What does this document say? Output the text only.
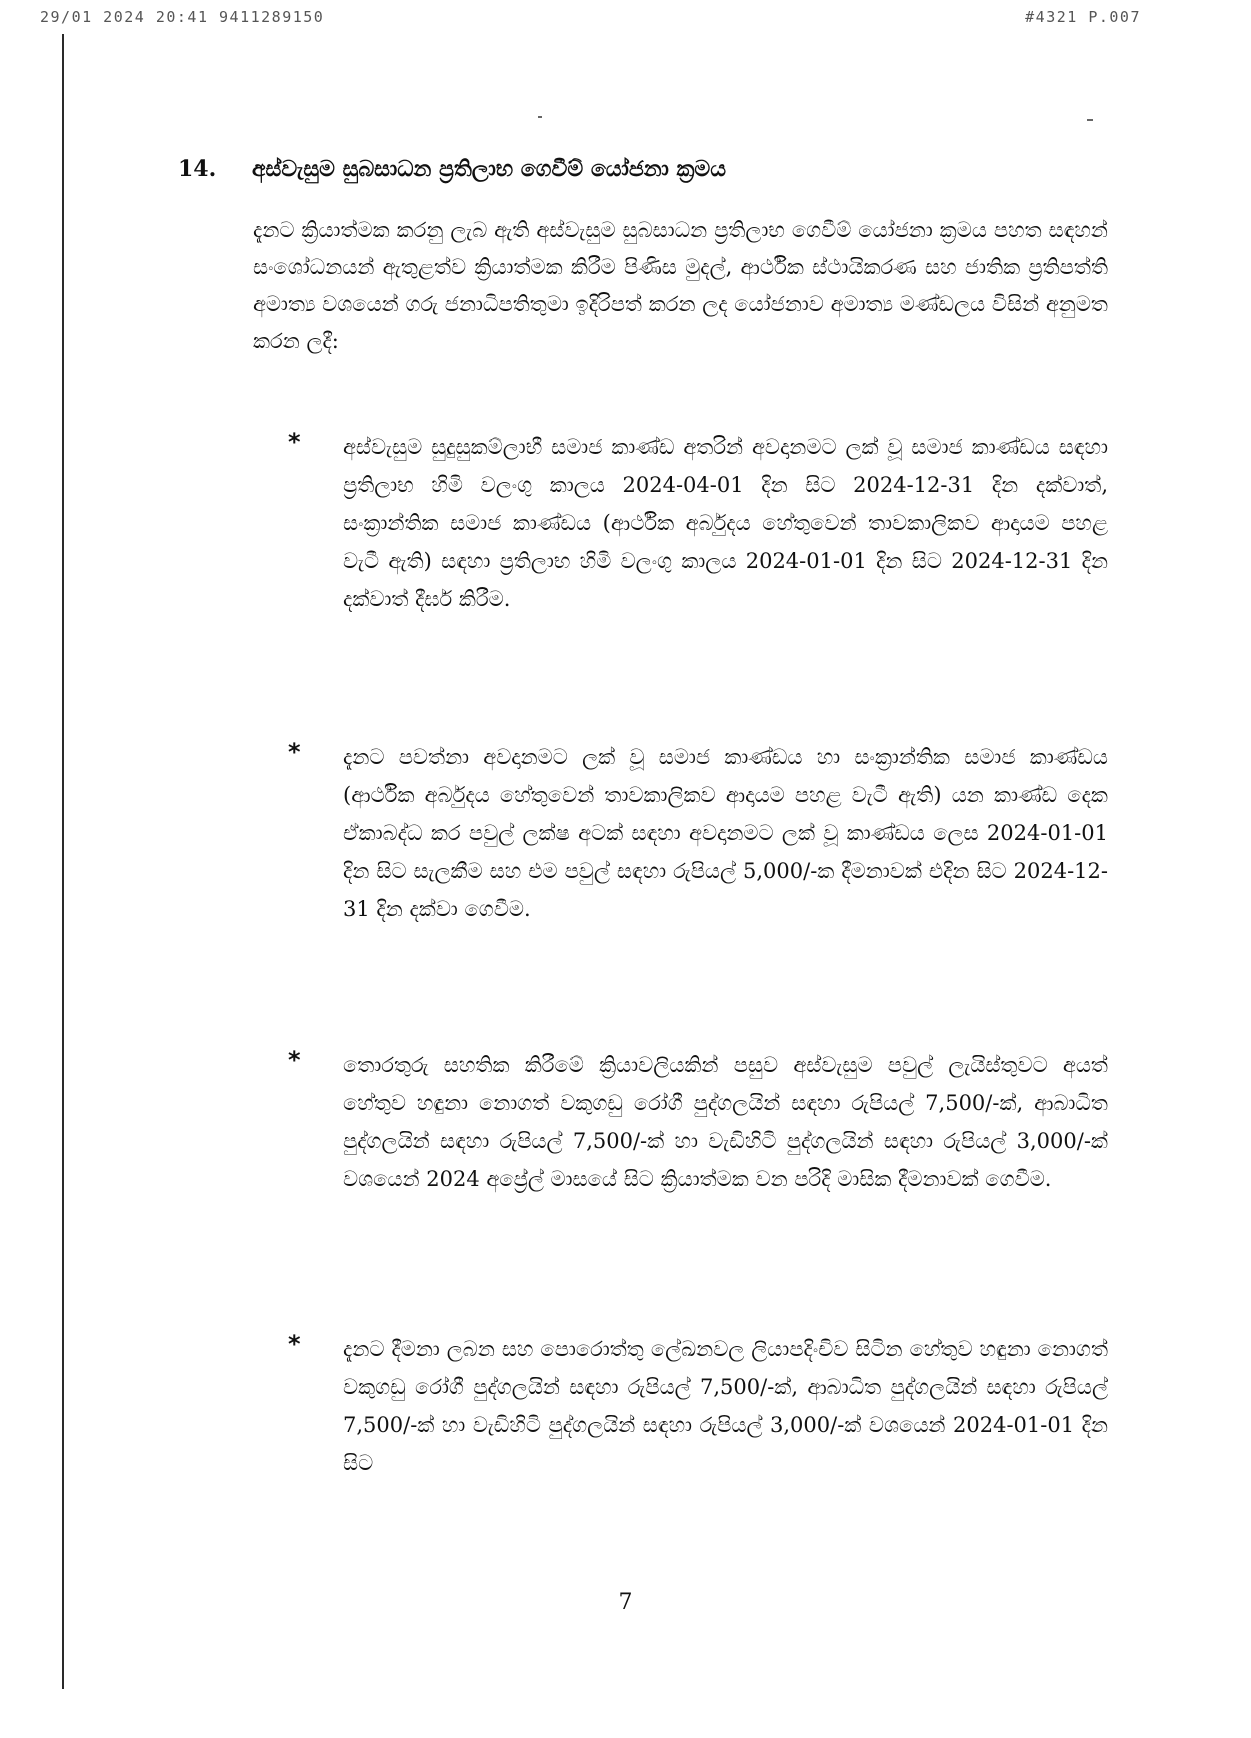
29/01 2024 20:41 9411289150	#4321 P.007
14. අස්වැසුම සුබසාධන ප්‍රතිලාභ ගෙවීම් යෝජනා ක්‍රමය

දැනට ක්‍රියාත්මක කරනු ලැබ ඇති අස්වැසුම සුබසාධන ප්‍රතිලාභ ගෙවීම් යෝජනා ක්‍රමය පහත සඳහන් සංශෝධනයන් ඇතුළත්ව ක්‍රියාත්මක කිරීම පිණිස මුදල්, ආර්ථික ස්ථායිකරණ සහ ජාතික ප්‍රතිපත්ති අමාත්‍ය වශයෙන් ගරු ජනාධිපතිතුමා ඉදිරිපත් කරන ලද යෝජනාව අමාත්‍ය මණ්ඩලය විසින් අනුමත කරන ලදී:

* අස්වැසුම සුදුසුකම්ලාභී සමාජ කාණ්ඩ අතරින් අවදානමට ලක් වූ සමාජ කාණ්ඩය සඳහා ප්‍රතිලාභ හිමි වලංගු කාලය 2024-04-01 දින සිට 2024-12-31 දින දක්වාත්, සංක්‍රාන්තික සමාජ කාණ්ඩය (ආර්ථික අර්බුදය හේතුවෙන් තාවකාලිකව ආදායම පහළ වැටී ඇති) සඳහා ප්‍රතිලාභ හිමි වලංගු කාලය 2024-01-01 දින සිට 2024-12-31 දින දක්වාත් දීර්ඝ කිරීම.

* දැනට පවත්නා අවදානමට ලක් වූ සමාජ කාණ්ඩය හා සංක්‍රාන්තික සමාජ කාණ්ඩය (ආර්ථික අර්බුදය හේතුවෙන් තාවකාලිකව ආදායම පහළ වැටී ඇති) යන කාණ්ඩ දෙක ඒකාබද්ධ කර පවුල් ලක්ෂ අටක් සඳහා අවදානමට ලක් වූ කාණ්ඩය ලෙස 2024-01-01 දින සිට සැලකීම සහ එම පවුල් සඳහා රුපියල් 5,000/-ක දීමනාවක් එදින සිට 2024-12-31 දින දක්වා ගෙවීම.

* තොරතුරු සහතික කිරීමේ ක්‍රියාවලියකින් පසුව අස්වැසුම පවුල් ලැයිස්තුවට අයත් හේතුව හඳුනා නොගත් වකුගඩු රෝගී පුද්ගලයින් සඳහා රුපියල් 7,500/-ක්, ආබාධිත පුද්ගලයින් සඳහා රුපියල් 7,500/-ක් හා වැඩිහිටි පුද්ගලයින් සඳහා රුපියල් 3,000/-ක් වශයෙන් 2024 අප්‍රේල් මාසයේ සිට ක්‍රියාත්මක වන පරිදි මාසික දීමනාවක් ගෙවීම.

* දැනට දීමනා ලබන සහ පොරොත්තු ලේඛනවල ලියාපදිංචිව සිටින හේතුව හඳුනා නොගත් වකුගඩු රෝගී පුද්ගලයින් සඳහා රුපියල් 7,500/-ක්, ආබාධිත පුද්ගලයින් සඳහා රුපියල් 7,500/-ක් හා වැඩිහිටි පුද්ගලයින් සඳහා රුපියල් 3,000/-ක් වශයෙන් 2024-01-01 දින සිට

7
